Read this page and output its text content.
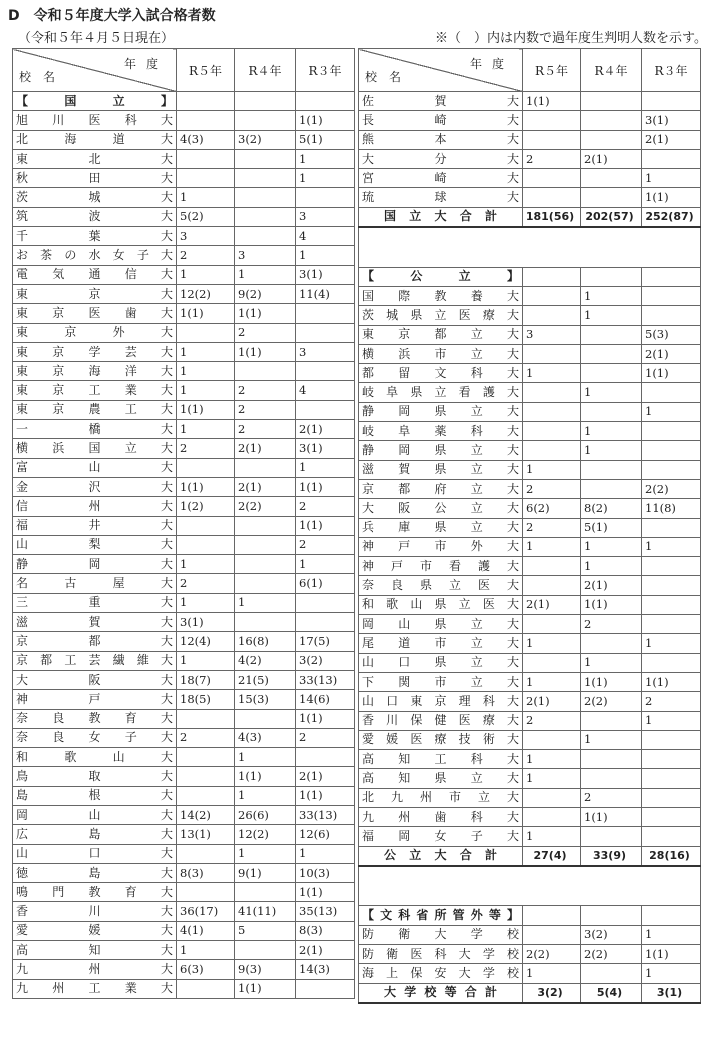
D　令和５年度大学入試合格者数
（令和５年４月５日現在）	※（　）内は内数で過年度生判明人数を示す。
年度
校名	R５年	R４年	R３年

【 国 立 】			

旭 川 医 科 大			1(1)

北 海 道 大	4(3)	3(2)	5(1)

東 北 大			1

秋 田 大			1

茨 城 大	1		

筑 波 大	5(2)		3

千 葉 大	3		4

お 茶 の 水 女 子 大	2	3	1

電 気 通 信 大	1	1	3(1)

東 京 大	12(2)	9(2)	11(4)

東 京 医 歯 大	1(1)	1(1)	

東 京 外 大		2	

東 京 学 芸 大	1	1(1)	3

東 京 海 洋 大	1		

東 京 工 業 大	1	2	4

東 京 農 工 大	1(1)	2	

一 橋 大	1	2	2(1)

横 浜 国 立 大	2	2(1)	3(1)

富 山 大			1

金 沢 大	1(1)	2(1)	1(1)

信 州 大	1(2)	2(2)	2

福 井 大			1(1)

山 梨 大			2

静 岡 大	1		1

名 古 屋 大	2		6(1)

三 重 大	1	1	

滋 賀 大	3(1)		

京 都 大	12(4)	16(8)	17(5)

京 都 工 芸 繊 維 大	1	4(2)	3(2)

大 阪 大	18(7)	21(5)	33(13)

神 戸 大	18(5)	15(3)	14(6)

奈 良 教 育 大			1(1)

奈 良 女 子 大	2	4(3)	2

和 歌 山 大		1	

鳥 取 大		1(1)	2(1)

島 根 大		1	1(1)

岡 山 大	14(2)	26(6)	33(13)

広 島 大	13(1)	12(2)	12(6)

山 口 大		1	1

徳 島 大	8(3)	9(1)	10(3)

鳴 門 教 育 大			1(1)

香 川 大	36(17)	41(11)	35(13)

愛 媛 大	4(1)	5	8(3)

高 知 大	1		2(1)

九 州 大	6(3)	9(3)	14(3)

九 州 工 業 大		1(1)	
年度
校名	R５年	R４年	R３年

佐 賀 大	1(1)		

長 崎 大			3(1)

熊 本 大			2(1)

大 分 大	2	2(1)	

宮 崎 大			1

琉 球 大			1(1)

国 立 大 合 計	181(56)	202(57)	252(87)

【 公 立 】			

国 際 教 養 大		1	

茨 城 県 立 医 療 大		1	

東 京 都 立 大	3		5(3)

横 浜 市 立 大			2(1)

都 留 文 科 大	1		1(1)

岐 阜 県 立 看 護 大		1	

静 岡 県 立 大			1

岐 阜 薬 科 大		1	

静 岡 県 立 大		1	

滋 賀 県 立 大	1		

京 都 府 立 大	2		2(2)

大 阪 公 立 大	6(2)	8(2)	11(8)

兵 庫 県 立 大	2	5(1)	

神 戸 市 外 大	1	1	1

神 戸 市 看 護 大		1	

奈 良 県 立 医 大		2(1)	

和 歌 山 県 立 医 大	2(1)	1(1)	

岡 山 県 立 大		2	

尾 道 市 立 大	1		1

山 口 県 立 大		1	

下 関 市 立 大	1	1(1)	1(1)

山 口 東 京 理 科 大	2(1)	2(2)	2

香 川 保 健 医 療 大	2		1

愛 媛 医 療 技 術 大		1	

高 知 工 科 大	1		

高 知 県 立 大	1		

北 九 州 市 立 大		2	

九 州 歯 科 大		1(1)	

福 岡 女 子 大	1		

公 立 大 合 計	27(4)	33(9)	28(16)

【 文 科 省 所 管 外 等 】			

防 衛 大 学 校		3(2)	1

防 衛 医 科 大 学 校	2(2)	2(2)	1(1)

海 上 保 安 大 学 校	1		1

大 学 校 等 合 計	3(2)	5(4)	3(1)
